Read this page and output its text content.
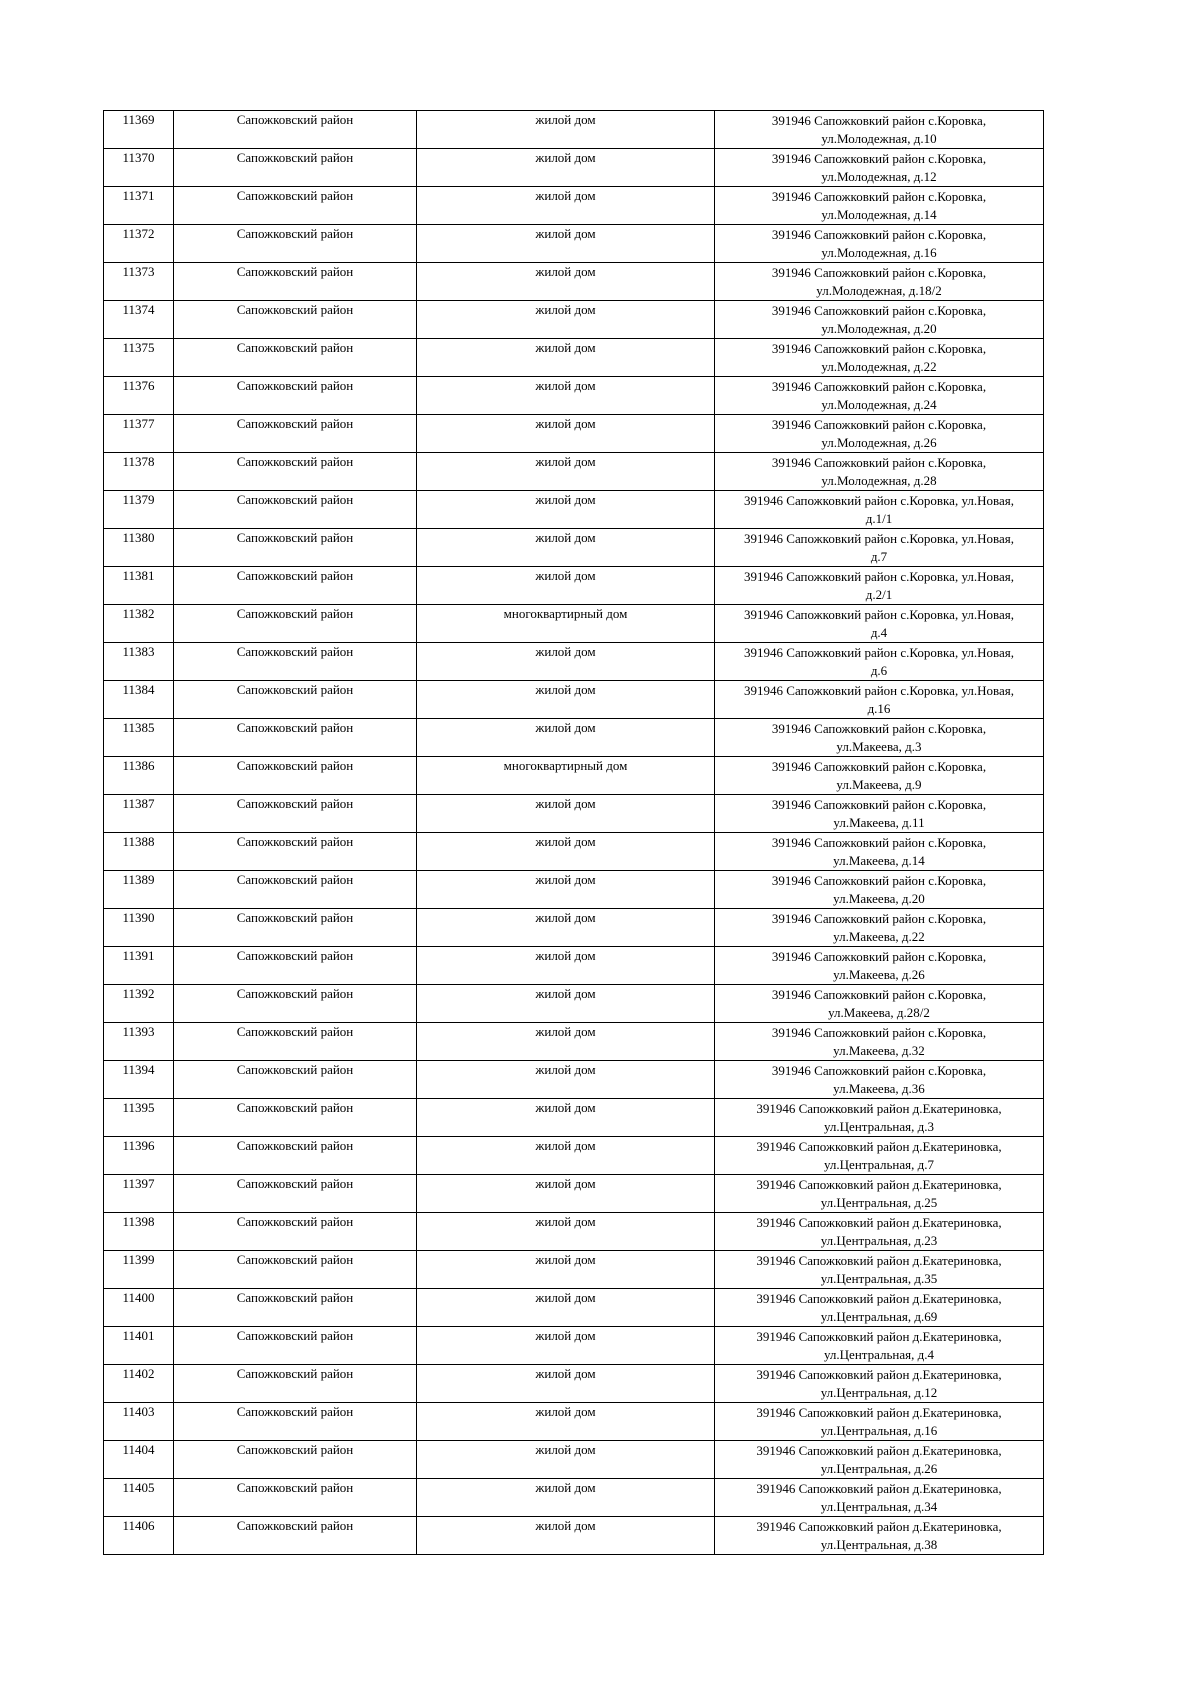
11369	Сапожковский район	жилой дом	391946 Сапожковкий район с.Коровка,
ул.Молодежная, д.10

11370	Сапожковский район	жилой дом	391946 Сапожковкий район с.Коровка,
ул.Молодежная, д.12

11371	Сапожковский район	жилой дом	391946 Сапожковкий район с.Коровка,
ул.Молодежная, д.14

11372	Сапожковский район	жилой дом	391946 Сапожковкий район с.Коровка,
ул.Молодежная, д.16

11373	Сапожковский район	жилой дом	391946 Сапожковкий район с.Коровка,
ул.Молодежная, д.18/2

11374	Сапожковский район	жилой дом	391946 Сапожковкий район с.Коровка,
ул.Молодежная, д.20

11375	Сапожковский район	жилой дом	391946 Сапожковкий район с.Коровка,
ул.Молодежная, д.22

11376	Сапожковский район	жилой дом	391946 Сапожковкий район с.Коровка,
ул.Молодежная, д.24

11377	Сапожковский район	жилой дом	391946 Сапожковкий район с.Коровка,
ул.Молодежная, д.26

11378	Сапожковский район	жилой дом	391946 Сапожковкий район с.Коровка,
ул.Молодежная, д.28

11379	Сапожковский район	жилой дом	391946 Сапожковкий район с.Коровка, ул.Новая,
д.1/1

11380	Сапожковский район	жилой дом	391946 Сапожковкий район с.Коровка, ул.Новая,
д.7

11381	Сапожковский район	жилой дом	391946 Сапожковкий район с.Коровка, ул.Новая,
д.2/1

11382	Сапожковский район	многоквартирный дом	391946 Сапожковкий район с.Коровка, ул.Новая,
д.4

11383	Сапожковский район	жилой дом	391946 Сапожковкий район с.Коровка, ул.Новая,
д.6

11384	Сапожковский район	жилой дом	391946 Сапожковкий район с.Коровка, ул.Новая,
д.16

11385	Сапожковский район	жилой дом	391946 Сапожковкий район с.Коровка,
ул.Макеева, д.3

11386	Сапожковский район	многоквартирный дом	391946 Сапожковкий район с.Коровка,
ул.Макеева, д.9

11387	Сапожковский район	жилой дом	391946 Сапожковкий район с.Коровка,
ул.Макеева, д.11

11388	Сапожковский район	жилой дом	391946 Сапожковкий район с.Коровка,
ул.Макеева, д.14

11389	Сапожковский район	жилой дом	391946 Сапожковкий район с.Коровка,
ул.Макеева, д.20

11390	Сапожковский район	жилой дом	391946 Сапожковкий район с.Коровка,
ул.Макеева, д.22

11391	Сапожковский район	жилой дом	391946 Сапожковкий район с.Коровка,
ул.Макеева, д.26

11392	Сапожковский район	жилой дом	391946 Сапожковкий район с.Коровка,
ул.Макеева, д.28/2

11393	Сапожковский район	жилой дом	391946 Сапожковкий район с.Коровка,
ул.Макеева, д.32

11394	Сапожковский район	жилой дом	391946 Сапожковкий район с.Коровка,
ул.Макеева, д.36

11395	Сапожковский район	жилой дом	391946 Сапожковкий район д.Екатериновка,
ул.Центральная, д.3

11396	Сапожковский район	жилой дом	391946 Сапожковкий район д.Екатериновка,
ул.Центральная, д.7

11397	Сапожковский район	жилой дом	391946 Сапожковкий район д.Екатериновка,
ул.Центральная, д.25

11398	Сапожковский район	жилой дом	391946 Сапожковкий район д.Екатериновка,
ул.Центральная, д.23

11399	Сапожковский район	жилой дом	391946 Сапожковкий район д.Екатериновка,
ул.Центральная, д.35

11400	Сапожковский район	жилой дом	391946 Сапожковкий район д.Екатериновка,
ул.Центральная, д.69

11401	Сапожковский район	жилой дом	391946 Сапожковкий район д.Екатериновка,
ул.Центральная, д.4

11402	Сапожковский район	жилой дом	391946 Сапожковкий район д.Екатериновка,
ул.Центральная, д.12

11403	Сапожковский район	жилой дом	391946 Сапожковкий район д.Екатериновка,
ул.Центральная, д.16

11404	Сапожковский район	жилой дом	391946 Сапожковкий район д.Екатериновка,
ул.Центральная, д.26

11405	Сапожковский район	жилой дом	391946 Сапожковкий район д.Екатериновка,
ул.Центральная, д.34

11406	Сапожковский район	жилой дом	391946 Сапожковкий район д.Екатериновка,
ул.Центральная, д.38
